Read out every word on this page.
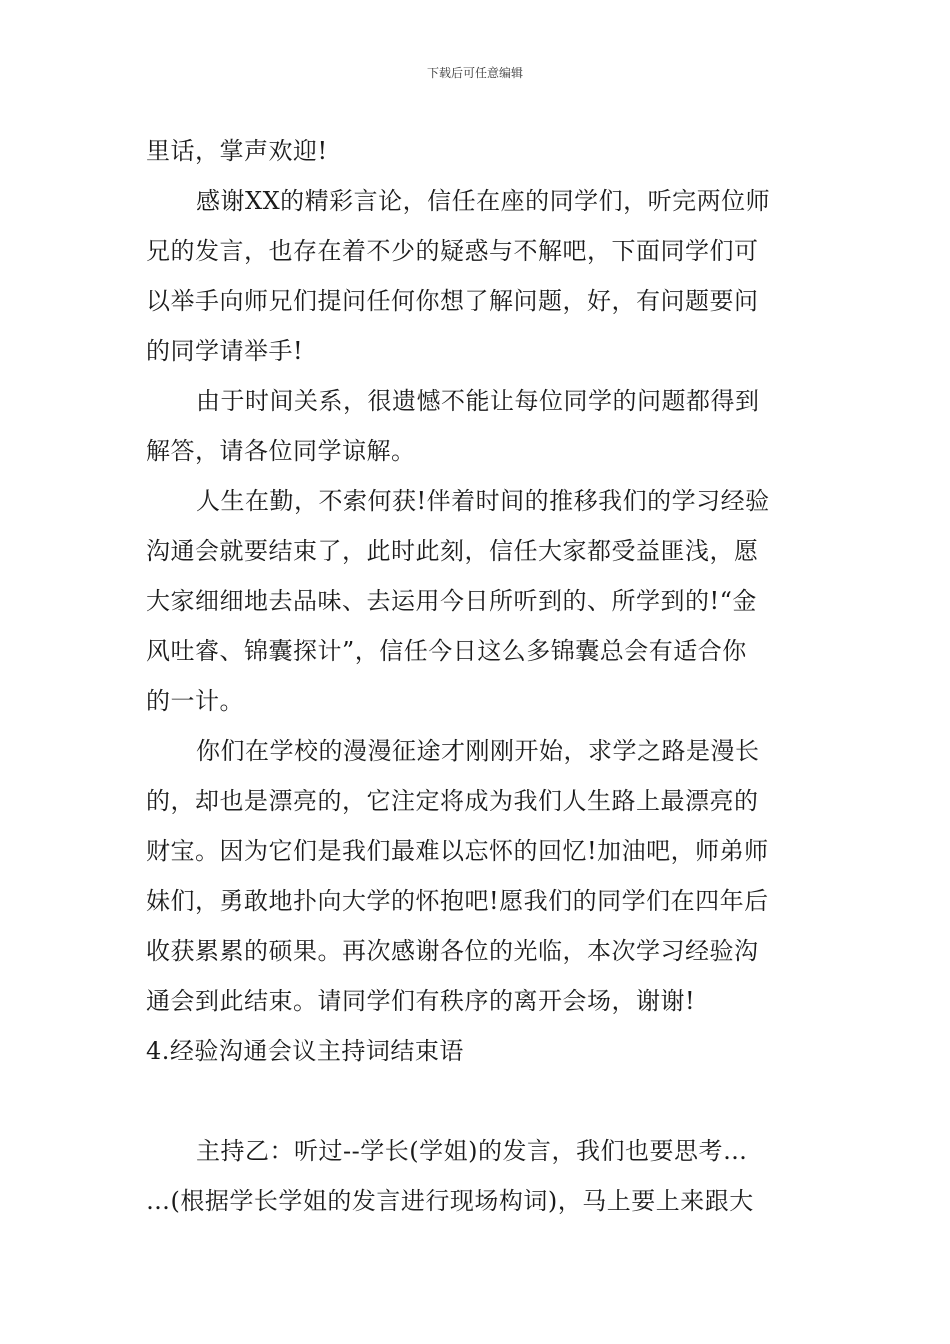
下载后可任意编辑
里话，掌声欢迎!
感谢XX的精彩言论，信任在座的同学们，听完两位师
兄的发言，也存在着不少的疑惑与不解吧，下面同学们可
以举手向师兄们提问任何你想了解问题，好，有问题要问
的同学请举手!
由于时间关系，很遗憾不能让每位同学的问题都得到
解答，请各位同学谅解。
人生在勤，不索何获!伴着时间的推移我们的学习经验
沟通会就要结束了，此时此刻，信任大家都受益匪浅，愿
大家细细地去品味、去运用今日所听到的、所学到的!“金
风吐睿、锦囊探计”，信任今日这么多锦囊总会有适合你
的一计。
你们在学校的漫漫征途才刚刚开始，求学之路是漫长
的，却也是漂亮的，它注定将成为我们人生路上最漂亮的
财宝。因为它们是我们最难以忘怀的回忆!加油吧，师弟师
妹们，勇敢地扑向大学的怀抱吧!愿我们的同学们在四年后
收获累累的硕果。再次感谢各位的光临，本次学习经验沟
通会到此结束。请同学们有秩序的离开会场，谢谢!
4.经验沟通会议主持词结束语
主持乙：听过--学长(学姐)的发言，我们也要思考…
…(根据学长学姐的发言进行现场构词)，马上要上来跟大
